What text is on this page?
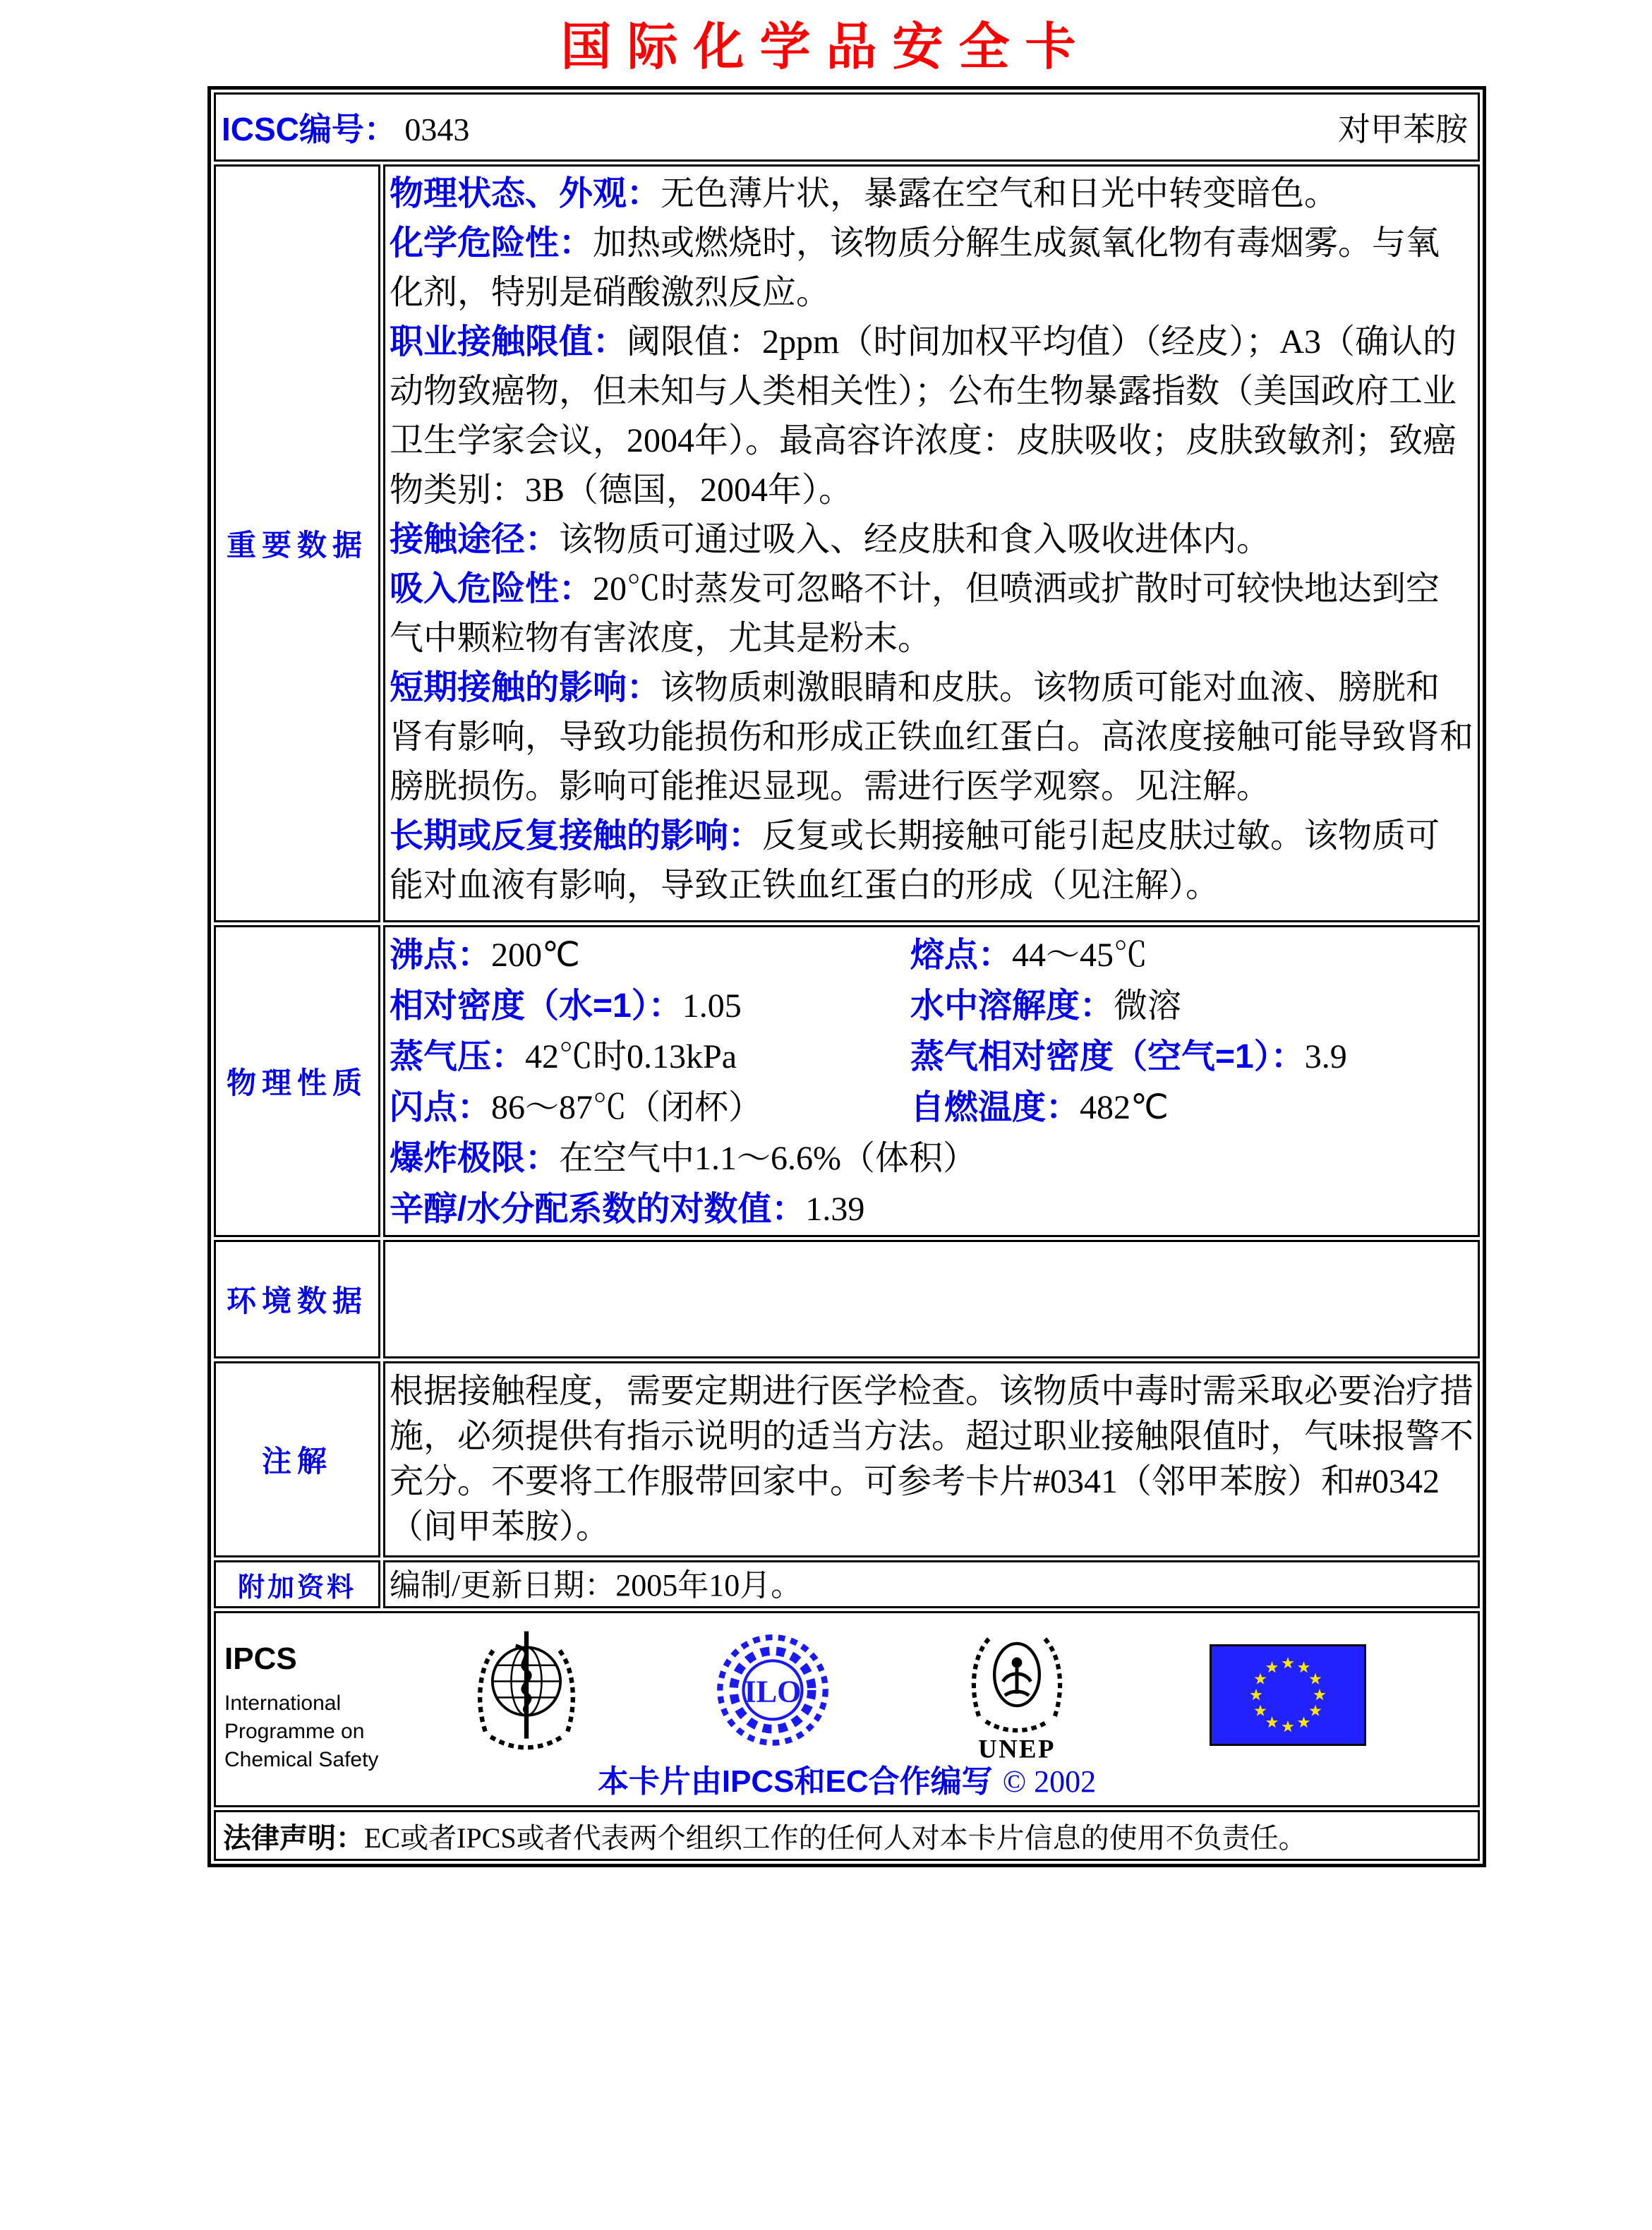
国际化学品安全卡
ICSC编号： 0343 对甲苯胺	

重要数据	

物理状态、外观：无色薄片状，暴露在空气和日光中转变暗色。

化学危险性：加热或燃烧时，该物质分解生成氮氧化物有毒烟雾。与氧化剂，特别是硝酸激烈反应。

职业接触限值：阈限值：2ppm（时间加权平均值）（经皮）；A3（确认的动物致癌物，但未知与人类相关性）；公布生物暴露指数（美国政府工业卫生学家会议，2004年）。最高容许浓度：皮肤吸收；皮肤致敏剂；致癌物类别：3B（德国，2004年）。

接触途径：该物质可通过吸入、经皮肤和食入吸收进体内。

吸入危险性：20℃时蒸发可忽略不计，但喷洒或扩散时可较快地达到空气中颗粒物有害浓度，尤其是粉末。

短期接触的影响：该物质刺激眼睛和皮肤。该物质可能对血液、膀胱和肾有影响，导致功能损伤和形成正铁血红蛋白。高浓度接触可能导致肾和膀胱损伤。影响可能推迟显现。需进行医学观察。见注解。

长期或反复接触的影响：反复或长期接触可能引起皮肤过敏。该物质可能对血液有影响，导致正铁血红蛋白的形成（见注解）。

物理性质	
沸点：200℃	熔点：44～45℃
相对密度（水=1）：1.05	水中溶解度：微溶
蒸气压：42℃时0.13kPa	蒸气相对密度（空气=1）：3.9
闪点：86～87℃（闭杯）	自燃温度：482℃
爆炸极限：在空气中1.1～6.6%（体积）
辛醇/水分配系数的对数值：1.39

环境数据	
注解	根据接触程度，需要定期进行医学检查。该物质中毒时需采取必要治疗措施，必须提供有指示说明的适当方法。超过职业接触限值时，气味报警不充分。不要将工作服带回家中。可参考卡片#0341（邻甲苯胺）和#0342（间甲苯胺）。
附加资料	编制/更新日期：2005年10月。

IPCS
International
Programme on
Chemical Safety
ILO
UNEP
本卡片由IPCS和EC合作编写 © 2002

法律声明：EC或者IPCS或者代表两个组织工作的任何人对本卡片信息的使用不负责任。	
